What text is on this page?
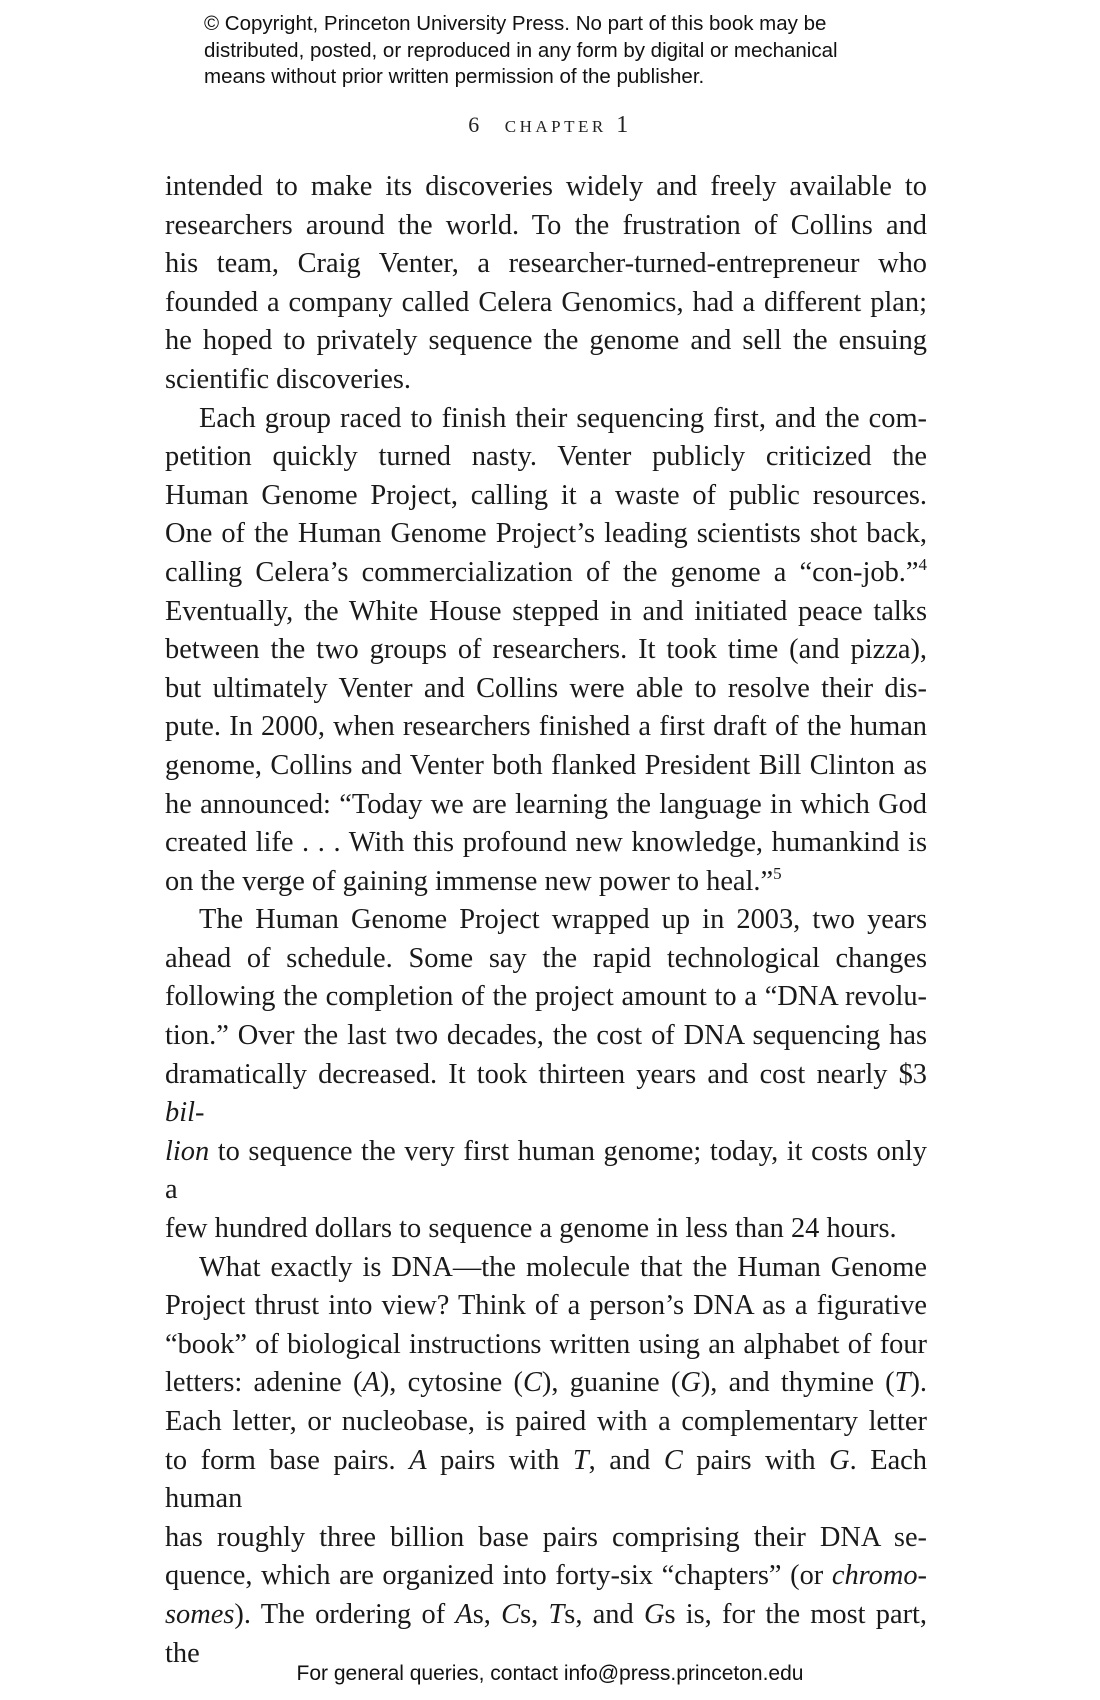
© Copyright, Princeton University Press. No part of this book may be

distributed, posted, or reproduced in any form by digital or mechanical

means without prior written permission of the publisher.

6 chapter 1

intended to make its discoveries widely and freely available to
researchers around the world. To the frustration of Collins and
his team, Craig Venter, a researcher-turned-entrepreneur who
founded a company called Celera Genomics, had a different plan;
he hoped to privately sequence the genome and sell the ensuing

scientific discoveries.

Each group raced to finish their sequencing first, and the com-

petition quickly turned nasty. Venter publicly criticized the

Human Genome Project, calling it a waste of public resources.

One of the Human Genome Project’s leading scientists shot back,

calling Celera’s commercialization of the genome a “con-job.”$^4$

Eventually, the White House stepped in and initiated peace talks

between the two groups of researchers. It took time (and pizza),

but ultimately Venter and Collins were able to resolve their dis-

pute. In 2000, when researchers finished a first draft of the human

genome, Collins and Venter both flanked President Bill Clinton as

he announced: “Today we are learning the language in which God

created life . . . With this profound new knowledge, humankind is

on the verge of gaining immense new power to heal.”$^5$

The Human Genome Project wrapped up in 2003, two years

ahead of schedule. Some say the rapid technological changes

following the completion of the project amount to a “DNA revolu-

tion.” Over the last two decades, the cost of DNA sequencing has

dramatically decreased. It took thirteen years and cost nearly $3 bil-

lion to sequence the very first human genome; today, it costs only a

few hundred dollars to sequence a genome in less than 24 hours.

What exactly is DNA—the molecule that the Human Genome

Project thrust into view? Think of a person’s DNA as a figurative

“book” of biological instructions written using an alphabet of four

letters: adenine (A), cytosine (C), guanine (G), and thymine (T).

Each letter, or nucleobase, is paired with a complementary letter

to form base pairs. A pairs with T, and C pairs with G. Each human

has roughly three billion base pairs comprising their DNA se-

quence, which are organized into forty-six “chapters” (or chromo-

somes). The ordering of As, Cs, Ts, and Gs is, for the most part, the

For general queries, contact info@press.princeton.edu
